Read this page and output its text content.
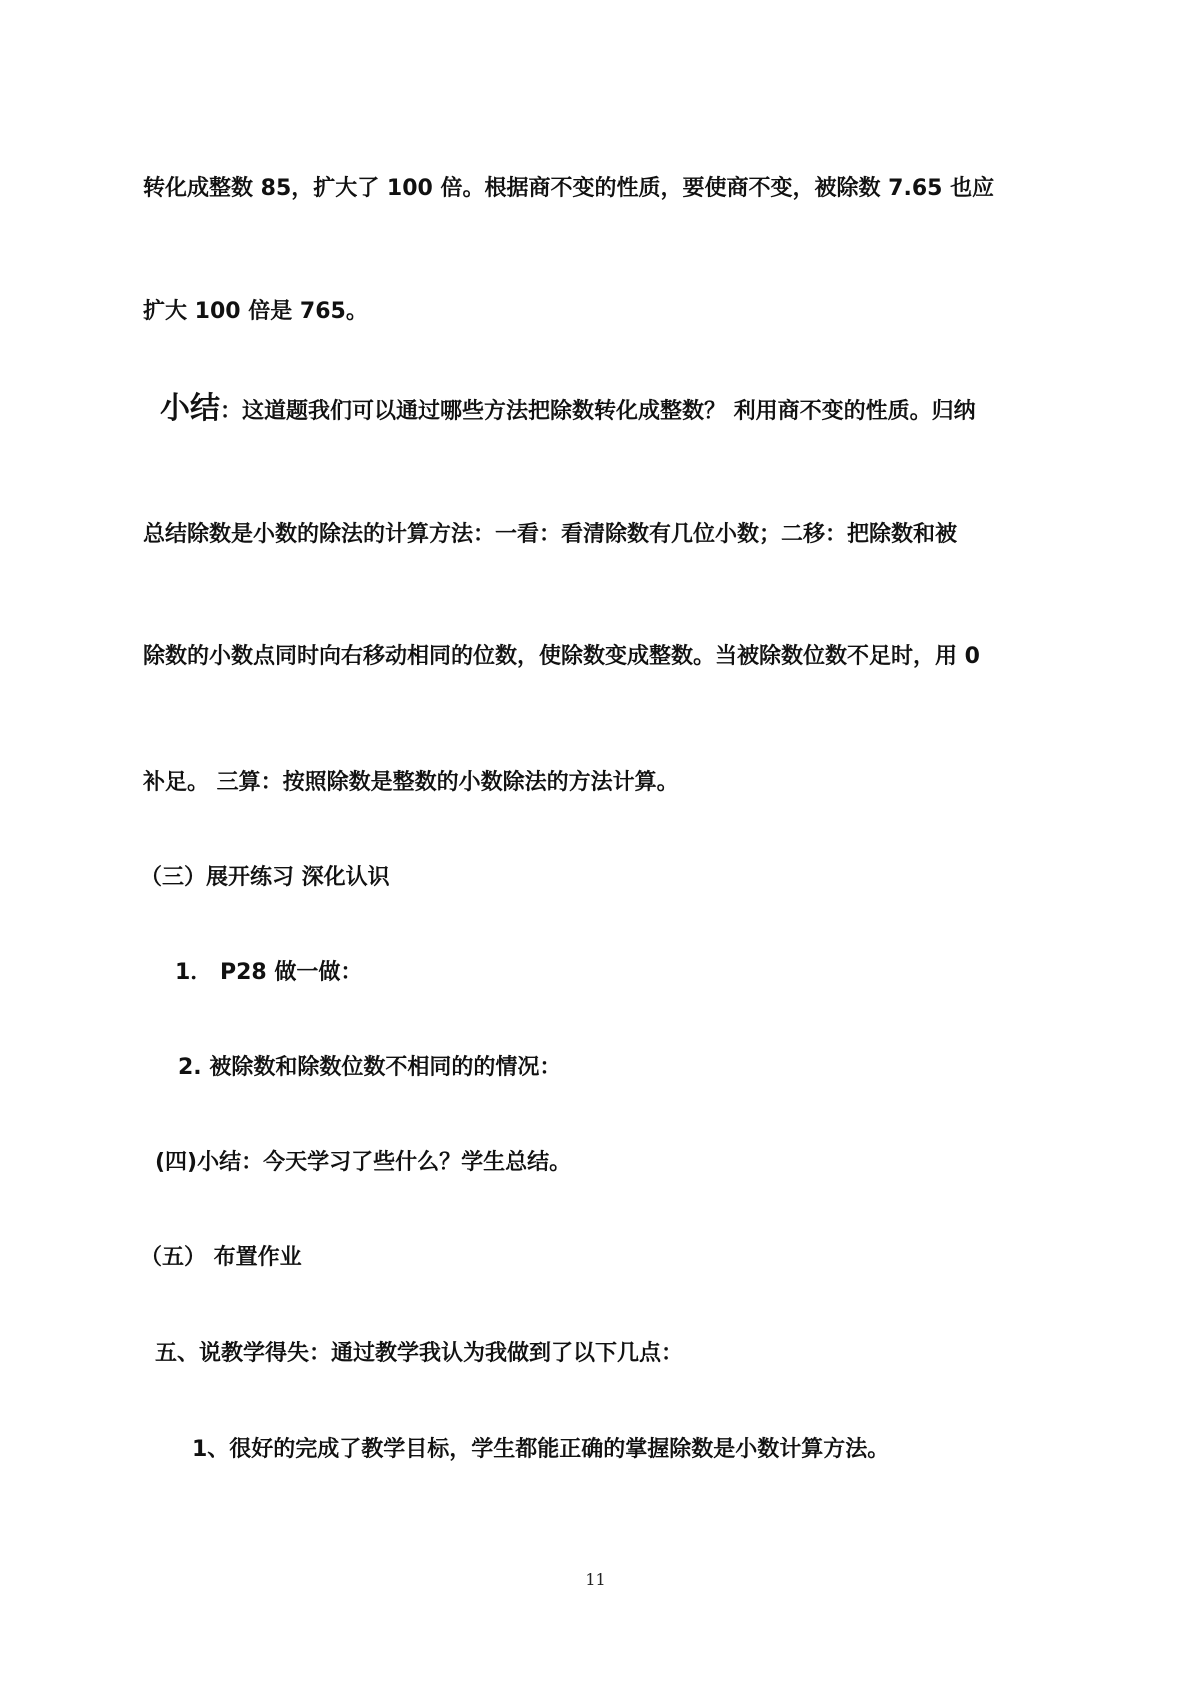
转化成整数 85，扩大了 100 倍。根据商不变的性质，要使商不变，被除数 7.65 也应
扩大 100 倍是 765。
小结：这道题我们可以通过哪些方法把除数转化成整数？ 利用商不变的性质。归纳
总结除数是小数的除法的计算方法：一看：看清除数有几位小数；二移：把除数和被
除数的小数点同时向右移动相同的位数，使除数变成整数。当被除数位数不足时，用 0
补足。 三算：按照除数是整数的小数除法的方法计算。
（三）展开练习 深化认识
1． P28 做一做：
2. 被除数和除数位数不相同的的情况：
(四)小结：今天学习了些什么？学生总结。
（五） 布置作业
五、说教学得失：通过教学我认为我做到了以下几点：
1、很好的完成了教学目标，学生都能正确的掌握除数是小数计算方法。
11
